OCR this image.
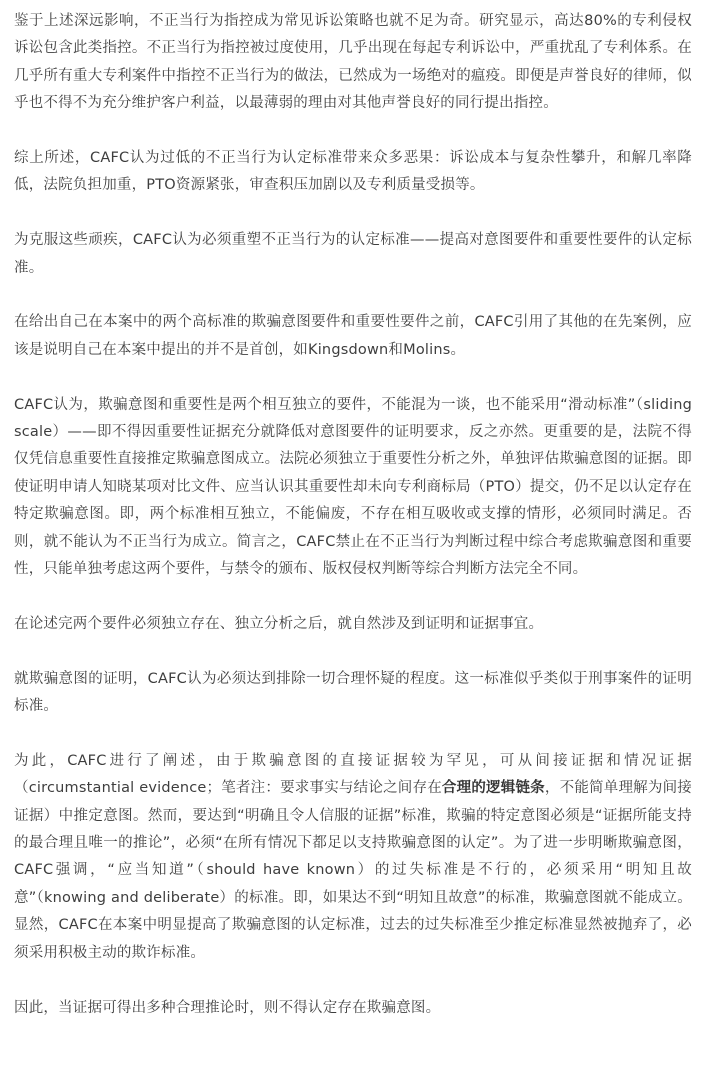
鉴于上述深远影响，不正当行为指控成为常见诉讼策略也就不足为奇。研究显示，高达80%的专利侵权诉讼包含此类指控。不正当行为指控被过度使用，几乎出现在每起专利诉讼中，严重扰乱了专利体系。在几乎所有重大专利案件中指控不正当行为的做法，已然成为一场绝对的瘟疫。即便是声誉良好的律师，似乎也不得不为充分维护客户利益，以最薄弱的理由对其他声誉良好的同行提出指控。

综上所述，CAFC认为过低的不正当行为认定标准带来众多恶果：诉讼成本与复杂性攀升，和解几率降低，法院负担加重，PTO资源紧张，审查积压加剧以及专利质量受损等。

为克服这些顽疾，CAFC认为必须重塑不正当行为的认定标准——提高对意图要件和重要性要件的认定标准。

在给出自己在本案中的两个高标准的欺骗意图要件和重要性要件之前，CAFC引用了其他的在先案例，应该是说明自己在本案中提出的并不是首创，如Kingsdown和Molins。

CAFC认为，欺骗意图和重要性是两个相互独立的要件，不能混为一谈，也不能采用“滑动标准”（sliding scale）——即不得因重要性证据充分就降低对意图要件的证明要求，反之亦然。更重要的是，法院不得仅凭信息重要性直接推定欺骗意图成立。法院必须独立于重要性分析之外，单独评估欺骗意图的证据。即使证明申请人知晓某项对比文件、应当认识其重要性却未向专利商标局（PTO）提交，仍不足以认定存在特定欺骗意图。即，两个标准相互独立，不能偏废，不存在相互吸收或支撑的情形，必须同时满足。否则，就不能认为不正当行为成立。简言之，CAFC禁止在不正当行为判断过程中综合考虑欺骗意图和重要性，只能单独考虑这两个要件，与禁令的颁布、版权侵权判断等综合判断方法完全不同。

在论述完两个要件必须独立存在、独立分析之后，就自然涉及到证明和证据事宜。

就欺骗意图的证明，CAFC认为必须达到排除一切合理怀疑的程度。这一标准似乎类似于刑事案件的证明标准。

为此，CAFC进行了阐述，由于欺骗意图的直接证据较为罕见，可从间接证据和情况证据（circumstantial evidence；笔者注：要求事实与结论之间存在合理的逻辑链条，不能简单理解为间接证据）中推定意图。然而，要达到“明确且令人信服的证据”标准，欺骗的特定意图必须是“证据所能支持的最合理且唯一的推论”，必须“在所有情况下都足以支持欺骗意图的认定”。为了进一步明晰欺骗意图，CAFC强调，“应当知道”（should have known）的过失标准是不行的，必须采用“明知且故意”（knowing and deliberate）的标准。即，如果达不到“明知且故意”的标准，欺骗意图就不能成立。显然，CAFC在本案中明显提高了欺骗意图的认定标准，过去的过失标准至少推定标准显然被抛弃了，必须采用积极主动的欺诈标准。

因此，当证据可得出多种合理推论时，则不得认定存在欺骗意图。
